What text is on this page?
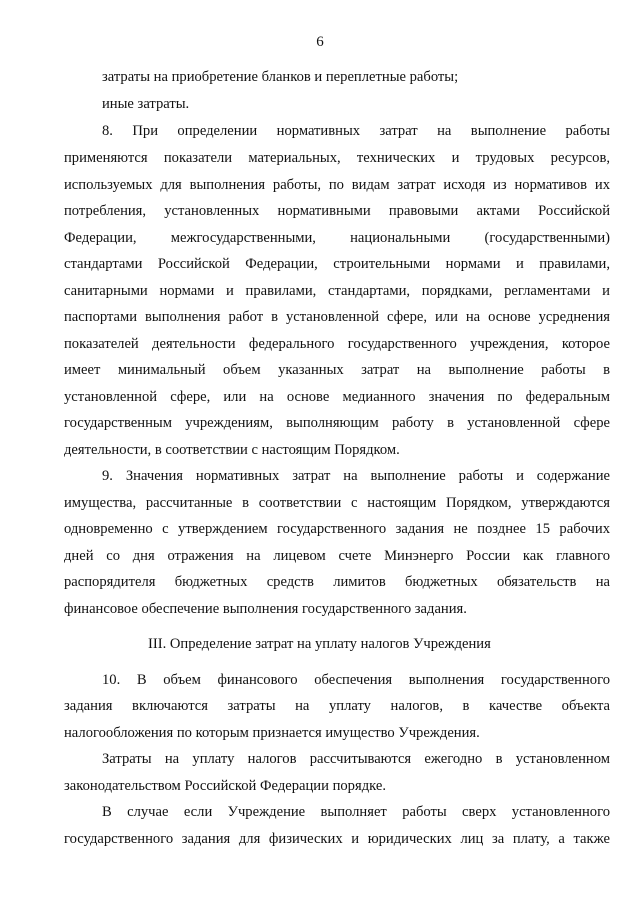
6
затраты на приобретение бланков и переплетные работы;
иные затраты.
8. При определении нормативных затрат на выполнение работы
применяются показатели материальных, технических и трудовых ресурсов,
используемых для выполнения работы, по видам затрат исходя из нормативов их
потребления, установленных нормативными правовыми актами Российской
Федерации, межгосударственными, национальными (государственными)
стандартами Российской Федерации, строительными нормами и правилами,
санитарными нормами и правилами, стандартами, порядками, регламентами и
паспортами выполнения работ в установленной сфере, или на основе усреднения
показателей деятельности федерального государственного учреждения, которое
имеет минимальный объем указанных затрат на выполнение работы в
установленной сфере, или на основе медианного значения по федеральным
государственным учреждениям, выполняющим работу в установленной сфере
деятельности, в соответствии с настоящим Порядком.
9. Значения нормативных затрат на выполнение работы и содержание
имущества, рассчитанные в соответствии с настоящим Порядком, утверждаются
одновременно с утверждением государственного задания не позднее 15 рабочих
дней со дня отражения на лицевом счете Минэнерго России как главного
распорядителя бюджетных средств лимитов бюджетных обязательств на
финансовое обеспечение выполнения государственного задания.
III. Определение затрат на уплату налогов Учреждения
10. В объем финансового обеспечения выполнения государственного
задания включаются затраты на уплату налогов, в качестве объекта
налогообложения по которым признается имущество Учреждения.
Затраты на уплату налогов рассчитываются ежегодно в установленном
законодательством Российской Федерации порядке.
В случае если Учреждение выполняет работы сверх установленного
государственного задания для физических и юридических лиц за плату, а также
